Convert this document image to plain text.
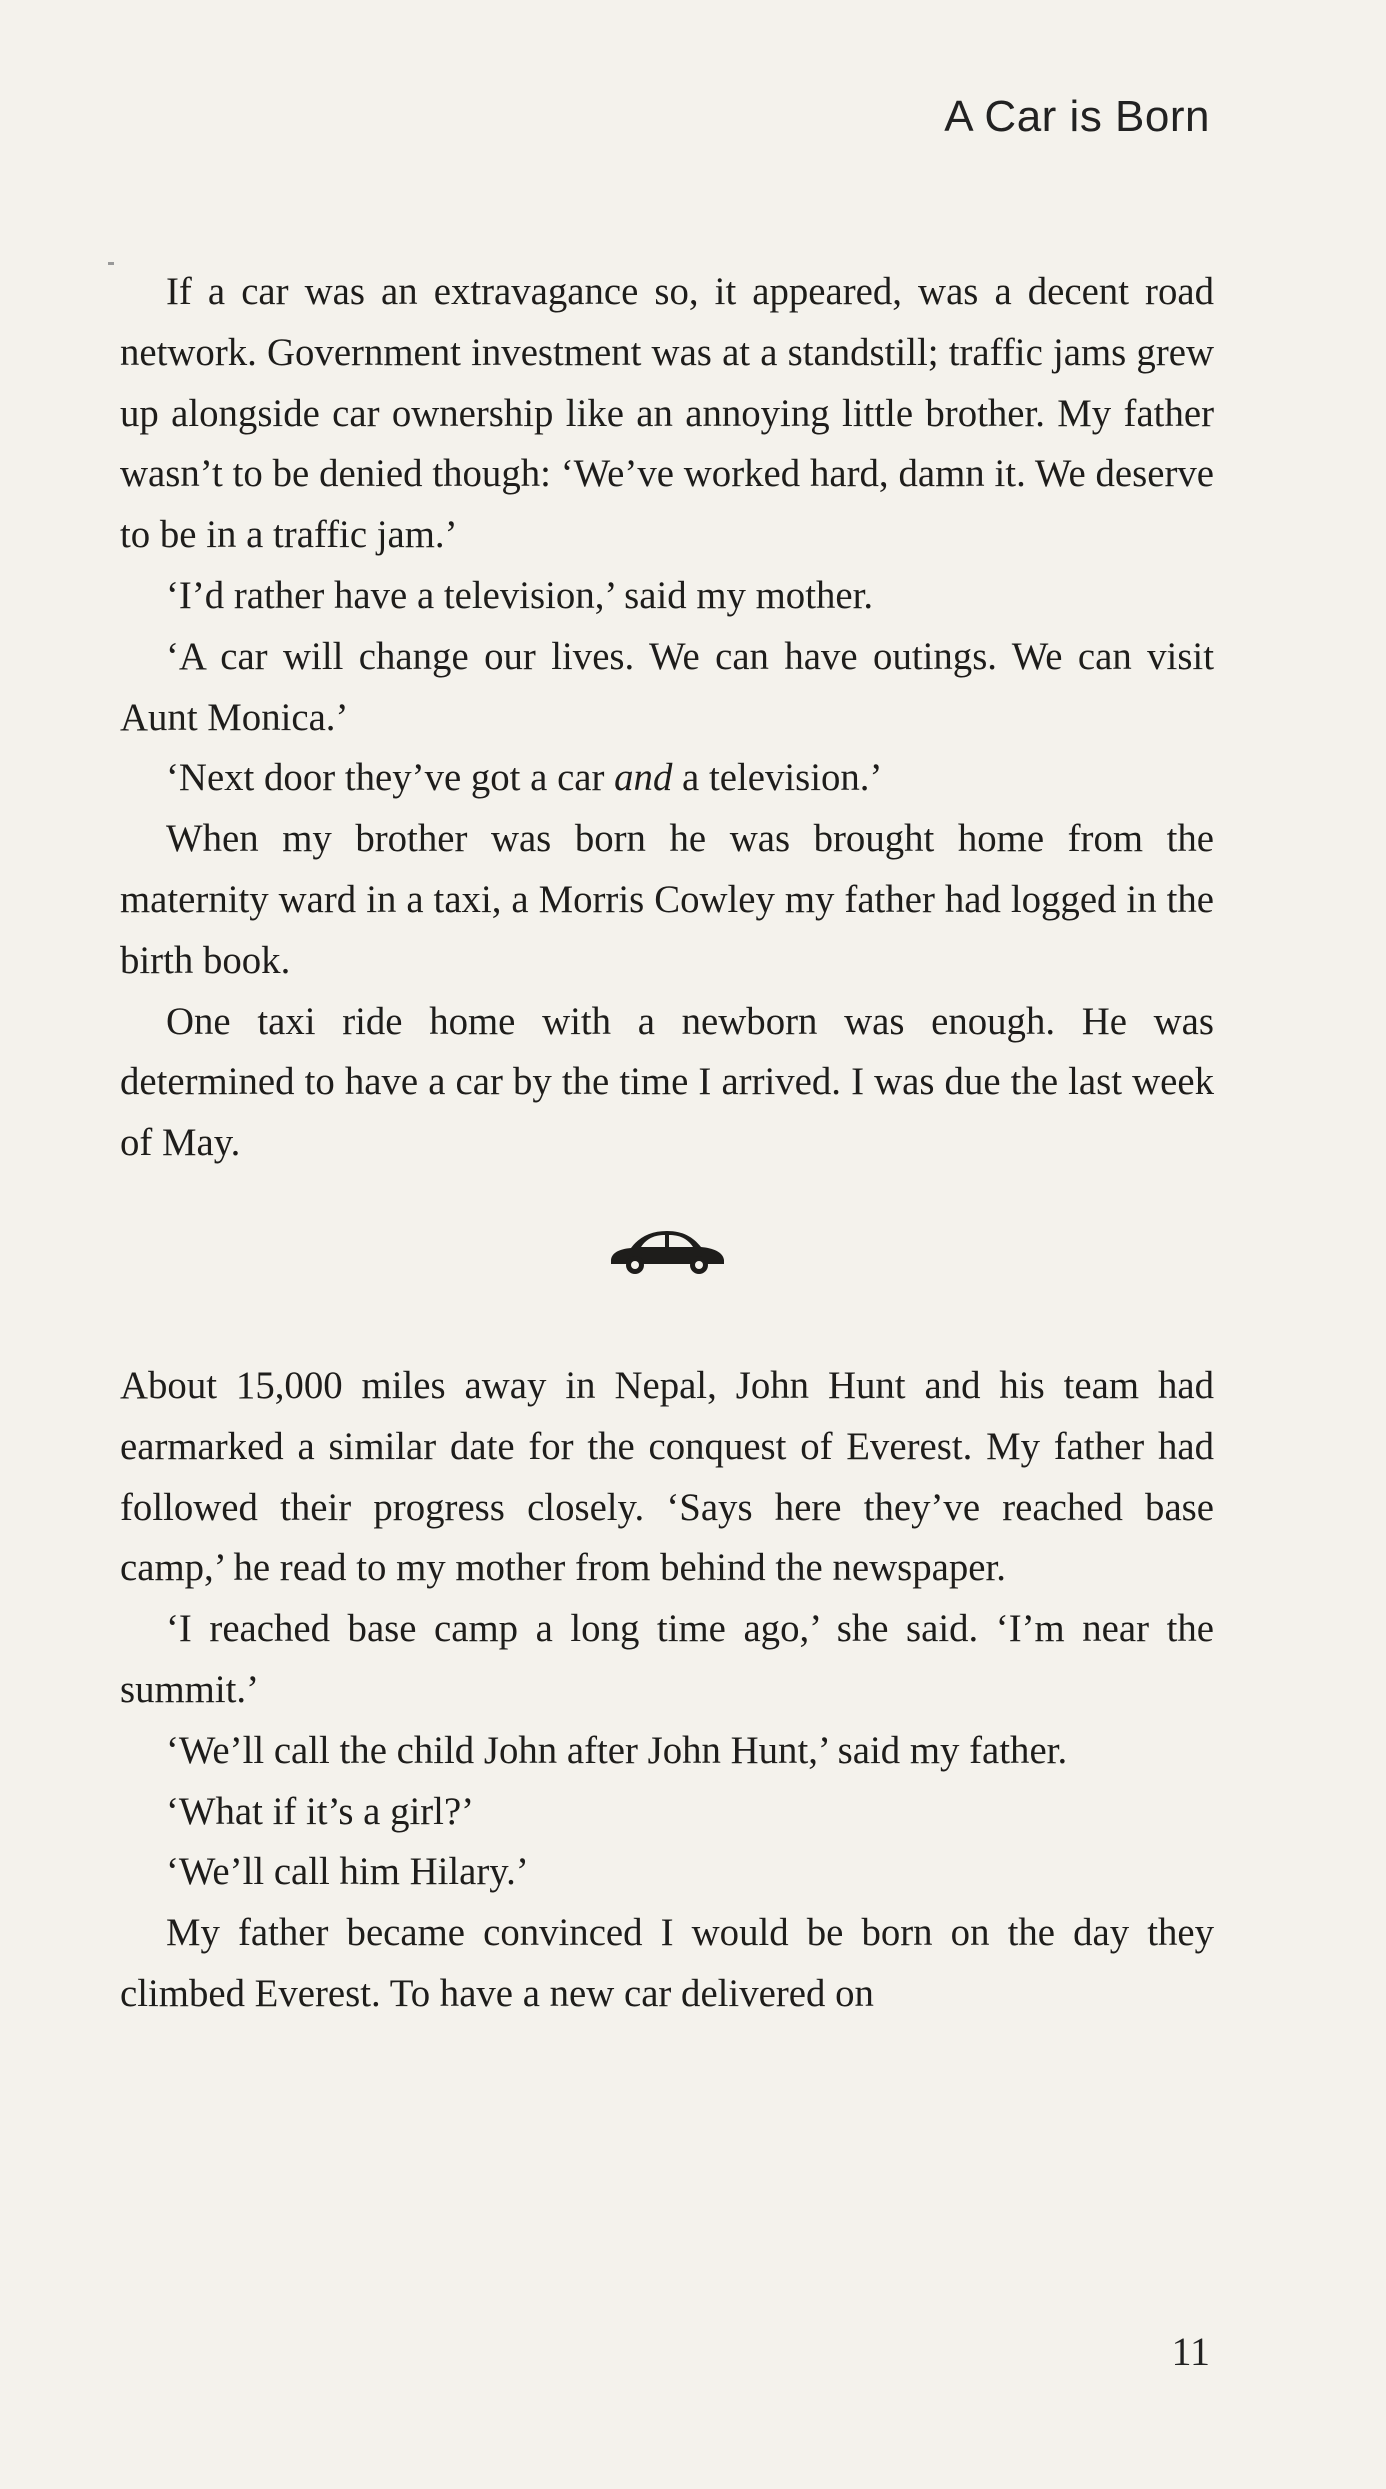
A Car is Born

If a car was an extravagance so, it appeared, was a decent road network. Government investment was at a standstill; traffic jams grew up alongside car ownership like an annoying little brother. My father wasn’t to be denied though: ‘We’ve worked hard, damn it. We deserve to be in a traffic jam.’

‘I’d rather have a television,’ said my mother.

‘A car will change our lives. We can have outings. We can visit Aunt Monica.’

‘Next door they’ve got a car and a television.’

When my brother was born he was brought home from the maternity ward in a taxi, a Morris Cowley my father had logged in the birth book.

One taxi ride home with a newborn was enough. He was determined to have a car by the time I arrived. I was due the last week of May.

About 15,000 miles away in Nepal, John Hunt and his team had earmarked a similar date for the conquest of Everest. My father had followed their progress closely. ‘Says here they’ve reached base camp,’ he read to my mother from behind the newspaper.

‘I reached base camp a long time ago,’ she said. ‘I’m near the summit.’

‘We’ll call the child John after John Hunt,’ said my father.

‘What if it’s a girl?’

‘We’ll call him Hilary.’

My father became convinced I would be born on the day they climbed Everest. To have a new car delivered on

11
